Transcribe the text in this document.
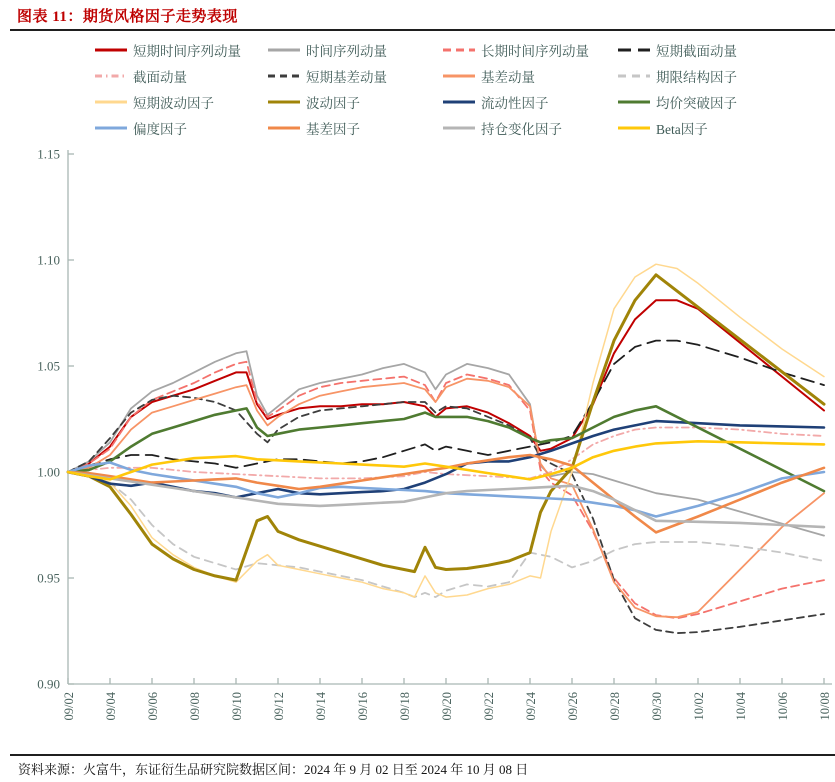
图表 11：期货风格因子走势表现
短期时间序列动量	时间序列动量	长期时间序列动量	短期截面动量
截面动量	短期基差动量	基差动量	期限结构因子
短期波动因子	波动因子	流动性因子	均价突破因子
偏度因子	基差因子	持仓变化因子	Beta因子
0.90
0.95
1.00
1.05
1.10
1.15
09/02 09/04 09/06 09/08 09/10 09/12 09/14 09/16 09/18 09/20 09/22 09/24 09/26 09/28 09/30 10/02 10/04 10/06 10/08
资料来源：火富牛，东证衍生品研究院数据区间：2024 年 9 月 02 日至 2024 年 10 月 08 日
